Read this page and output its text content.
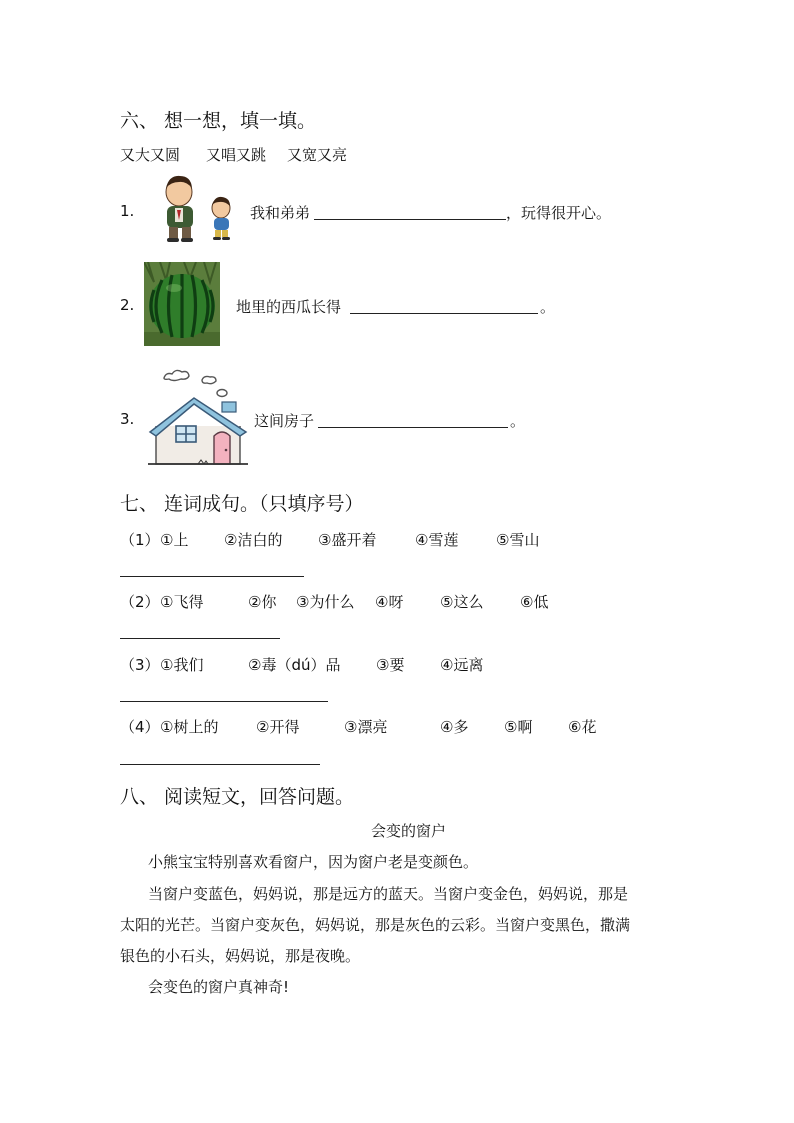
六、 想一想，填一填。
又大又圆 又唱又跳 又宽又亮
1.	我和弟弟	，玩得很开心。
2.	地里的西瓜长得	。
3.	这间房子	。
七、 连词成句。（只填序号）
（1） ①上 ②洁白的 ③盛开着	④雪莲	⑤雪山
（2） ①飞得	②你 ③为什么 ④呀 ⑤这么 ⑥低
（3） ①我们	②毒（dú）品 ③要 ④远离
（4） ①树上的	②开得	③漂亮	④多 ⑤啊 ⑥花
八、 阅读短文，回答问题。
会变的窗户
小熊宝宝特别喜欢看窗户，因为窗户老是变颜色。
当窗户变蓝色，妈妈说，那是远方的蓝天。当窗户变金色，妈妈说，那是
太阳的光芒。当窗户变灰色，妈妈说，那是灰色的云彩。当窗户变黑色，撒满
银色的小石头，妈妈说，那是夜晚。
会变色的窗户真神奇!
